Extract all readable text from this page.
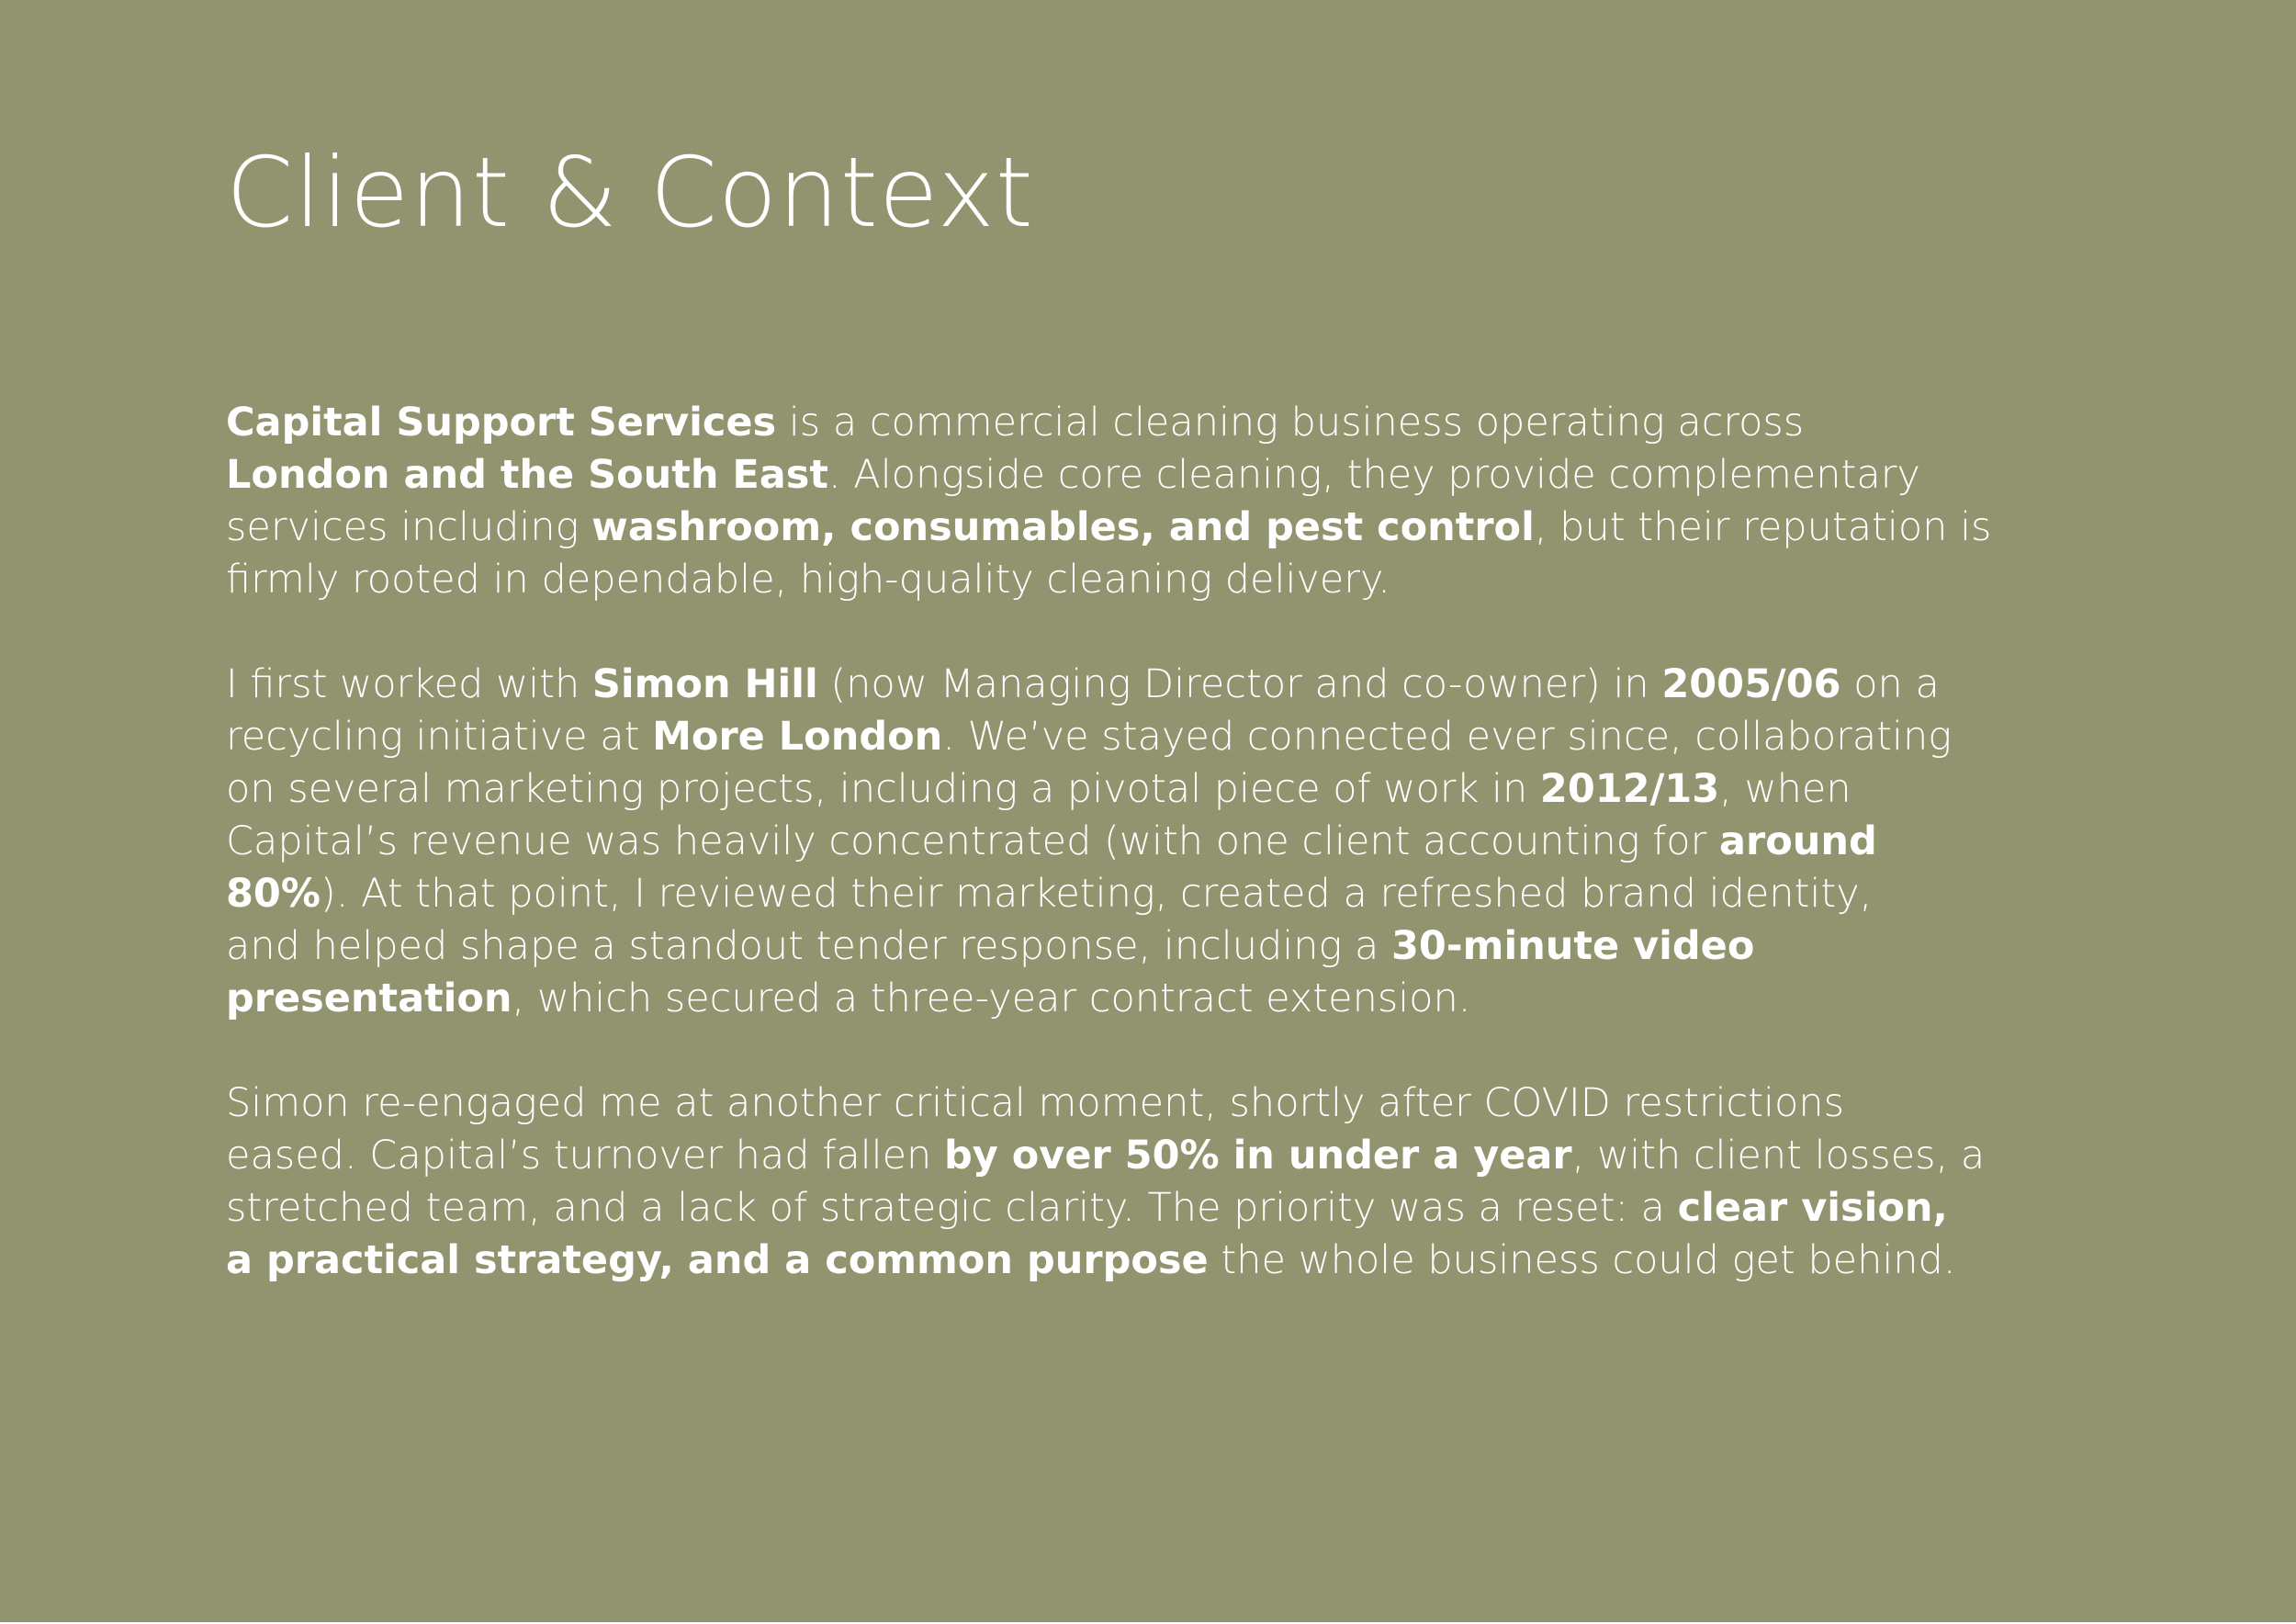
Client & Context

Capital Support Services is a commercial cleaning business operating across
London and the South East. Alongside core cleaning, they provide complementary
services including washroom, consumables, and pest control, but their reputation is
firmly rooted in dependable, high-quality cleaning delivery.

I first worked with Simon Hill (now Managing Director and co-owner) in 2005/06 on a
recycling initiative at More London. We’ve stayed connected ever since, collaborating
on several marketing projects, including a pivotal piece of work in 2012/13, when
Capital’s revenue was heavily concentrated (with one client accounting for around
80%). At that point, I reviewed their marketing, created a refreshed brand identity,
and helped shape a standout tender response, including a 30-minute video
presentation, which secured a three-year contract extension.

Simon re-engaged me at another critical moment, shortly after COVID restrictions
eased. Capital’s turnover had fallen by over 50% in under a year, with client losses, a
stretched team, and a lack of strategic clarity. The priority was a reset: a clear vision,
a practical strategy, and a common purpose the whole business could get behind.
